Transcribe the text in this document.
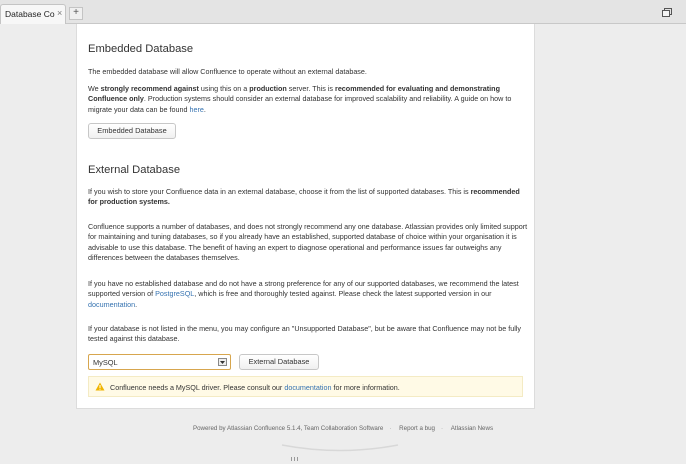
Database Co ×	+
Embedded Database
The embedded database will allow Confluence to operate without an external database.
We strongly recommend against using this on a production server. This is recommended for evaluating and demonstrating Confluence only. Production systems should consider an external database for improved scalability and reliability. A guide on how to migrate your data can be found here.
Embedded Database
External Database
If you wish to store your Confluence data in an external database, choose it from the list of supported databases. This is recommended for production systems.
Confluence supports a number of databases, and does not strongly recommend any one database. Atlassian provides only limited support for maintaining and tuning databases, so if you already have an established, supported database of choice within your organisation it is advisable to use this database. The benefit of having an expert to diagnose operational and performance issues far outweighs any differences between the databases themselves.
If you have no established database and do not have a strong preference for any of our supported databases, we recommend the latest supported version of PostgreSQL, which is free and thoroughly tested against. Please check the latest supported version in our documentation.
If your database is not listed in the menu, you may configure an "Unsupported Database", but be aware that Confluence may not be fully tested against this database.
MySQL	External Database
Confluence needs a MySQL driver. Please consult our documentation for more information.
Powered by Atlassian Confluence 5.1.4, Team Collaboration Software · Report a bug · Atlassian News
